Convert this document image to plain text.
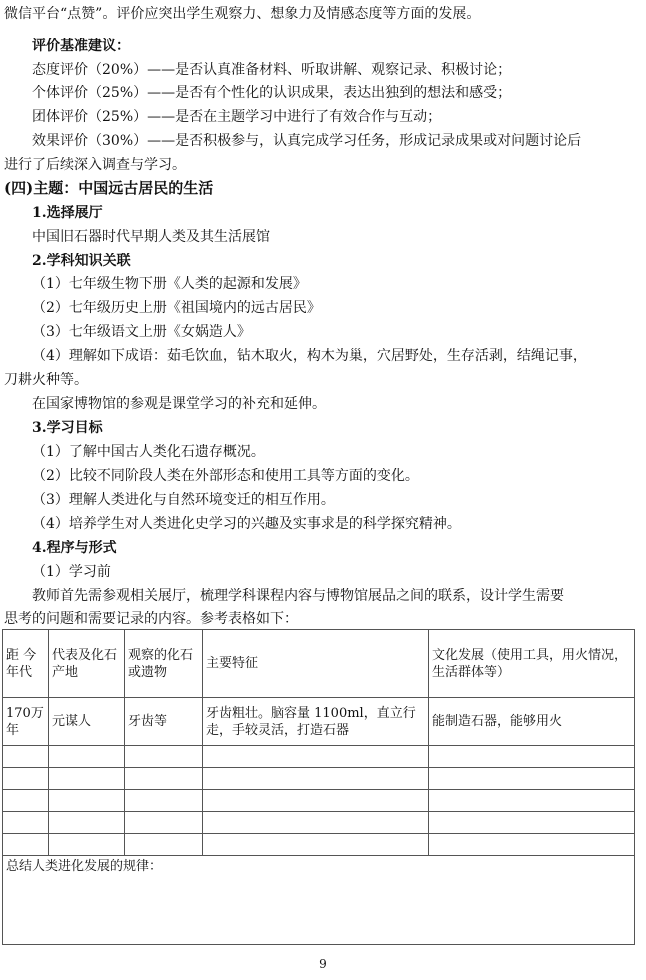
微信平台“点赞”。评价应突出学生观察力、想象力及情感态度等方面的发展。
评价基准建议：
态度评价（20%）——是否认真准备材料、听取讲解、观察记录、积极讨论；
个体评价（25%）——是否有个性化的认识成果，表达出独到的想法和感受；
团体评价（25%）——是否在主题学习中进行了有效合作与互动；
效果评价（30%）——是否积极参与，认真完成学习任务，形成记录成果或对问题讨论后
进行了后续深入调查与学习。
(四)主题：中国远古居民的生活
1.选择展厅
中国旧石器时代早期人类及其生活展馆
2.学科知识关联
（1）七年级生物下册《人类的起源和发展》
（2）七年级历史上册《祖国境内的远古居民》
（3）七年级语文上册《女娲造人》
（4）理解如下成语：茹毛饮血，钻木取火，构木为巢，穴居野处，生存活剥，结绳记事，
刀耕火种等。
在国家博物馆的参观是课堂学习的补充和延伸。
3.学习目标
（1）了解中国古人类化石遗存概况。
（2）比较不同阶段人类在外部形态和使用工具等方面的变化。
（3）理解人类进化与自然环境变迁的相互作用。
（4）培养学生对人类进化史学习的兴趣及实事求是的科学探究精神。
4.程序与形式
（1）学习前
教师首先需参观相关展厅，梳理学科课程内容与博物馆展品之间的联系，设计学生需要
思考的问题和需要记录的内容。参考表格如下：
距 今年代	代表及化石产地	观察的化石或遗物	主要特征	文化发展（使用工具，用火情况，生活群体等）
170万年	元谋人	牙齿等	牙齿粗壮。脑容量 1100ml，直立行走，手较灵活，打造石器	能制造石器，能够用火

总结人类进化发展的规律：				

9
